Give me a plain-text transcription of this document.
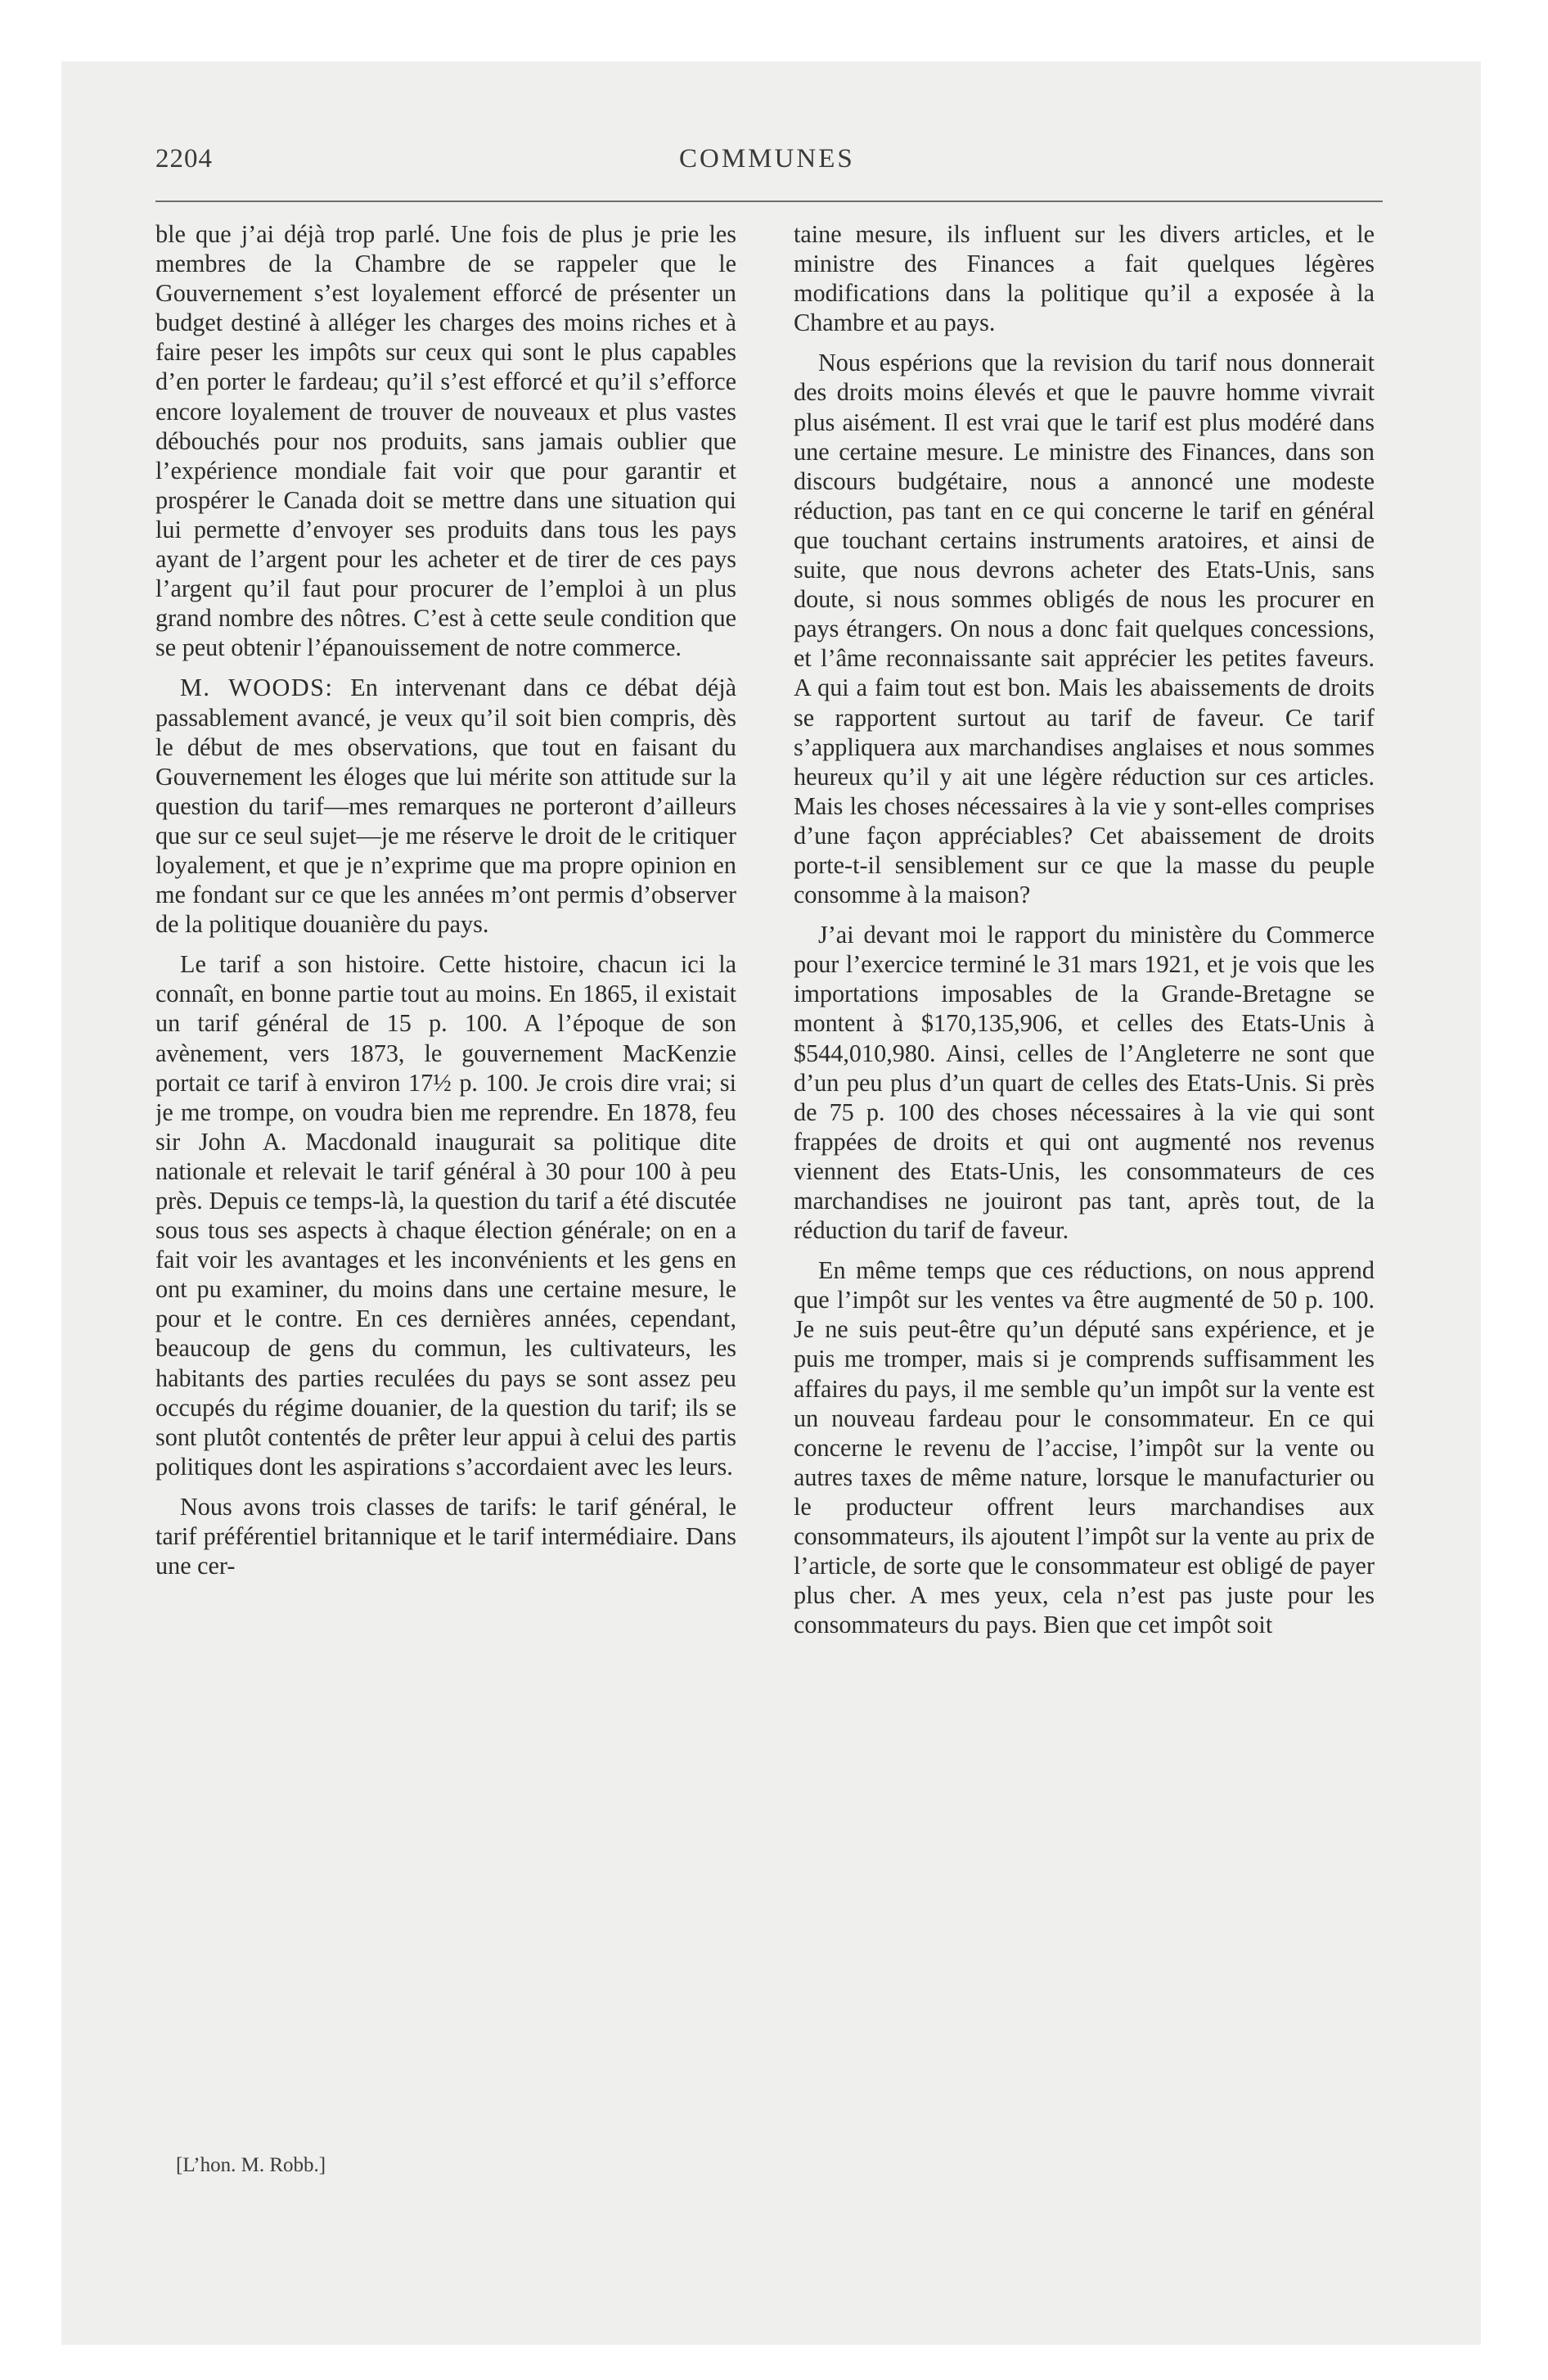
2204	COMMUNES

ble que j’ai déjà trop parlé. Une fois de plus je prie les membres de la Chambre de se rappeler que le Gouvernement s’est loyalement efforcé de présenter un budget destiné à alléger les charges des moins riches et à faire peser les impôts sur ceux qui sont le plus capables d’en porter le fardeau; qu’il s’est efforcé et qu’il s’efforce encore loyalement de trouver de nouveaux et plus vastes débouchés pour nos produits, sans jamais oublier que l’expérience mondiale fait voir que pour garantir et prospérer le Canada doit se mettre dans une situation qui lui permette d’envoyer ses produits dans tous les pays ayant de l’argent pour les acheter et de tirer de ces pays l’argent qu’il faut pour procurer de l’emploi à un plus grand nombre des nôtres. C’est à cette seule condition que se peut obtenir l’épanouissement de notre commerce.

M. WOODS: En intervenant dans ce débat déjà passablement avancé, je veux qu’il soit bien compris, dès le début de mes observations, que tout en faisant du Gouvernement les éloges que lui mérite son attitude sur la question du tarif—mes remarques ne porteront d’ailleurs que sur ce seul sujet—je me réserve le droit de le critiquer loyalement, et que je n’exprime que ma propre opinion en me fondant sur ce que les années m’ont permis d’observer de la politique douanière du pays.

Le tarif a son histoire. Cette histoire, chacun ici la connaît, en bonne partie tout au moins. En 1865, il existait un tarif général de 15 p. 100. A l’époque de son avènement, vers 1873, le gouvernement MacKenzie portait ce tarif à environ 17½ p. 100. Je crois dire vrai; si je me trompe, on voudra bien me reprendre. En 1878, feu sir John A. Macdonald inaugurait sa politique dite nationale et relevait le tarif général à 30 pour 100 à peu près. Depuis ce temps-là, la question du tarif a été discutée sous tous ses aspects à chaque élection générale; on en a fait voir les avantages et les inconvénients et les gens en ont pu examiner, du moins dans une certaine mesure, le pour et le contre. En ces dernières années, cependant, beaucoup de gens du commun, les cultivateurs, les habitants des parties reculées du pays se sont assez peu occupés du régime douanier, de la question du tarif; ils se sont plutôt contentés de prêter leur appui à celui des partis politiques dont les aspirations s’accordaient avec les leurs.

Nous avons trois classes de tarifs: le tarif général, le tarif préférentiel britannique et le tarif intermédiaire. Dans une cer-

taine mesure, ils influent sur les divers articles, et le ministre des Finances a fait quelques légères modifications dans la politique qu’il a exposée à la Chambre et au pays.

Nous espérions que la revision du tarif nous donnerait des droits moins élevés et que le pauvre homme vivrait plus aisément. Il est vrai que le tarif est plus modéré dans une certaine mesure. Le ministre des Finances, dans son discours budgétaire, nous a annoncé une modeste réduction, pas tant en ce qui concerne le tarif en général que touchant certains instruments aratoires, et ainsi de suite, que nous devrons acheter des Etats-Unis, sans doute, si nous sommes obligés de nous les procurer en pays étrangers. On nous a donc fait quelques concessions, et l’âme reconnaissante sait apprécier les petites faveurs. A qui a faim tout est bon. Mais les abaissements de droits se rapportent surtout au tarif de faveur. Ce tarif s’appliquera aux marchandises anglaises et nous sommes heureux qu’il y ait une légère réduction sur ces articles. Mais les choses nécessaires à la vie y sont-elles comprises d’une façon appréciables? Cet abaissement de droits porte-t-il sensiblement sur ce que la masse du peuple consomme à la maison?

J’ai devant moi le rapport du ministère du Commerce pour l’exercice terminé le 31 mars 1921, et je vois que les importations imposables de la Grande-Bretagne se montent à $170,135,906, et celles des Etats-Unis à $544,010,980. Ainsi, celles de l’Angleterre ne sont que d’un peu plus d’un quart de celles des Etats-Unis. Si près de 75 p. 100 des choses nécessaires à la vie qui sont frappées de droits et qui ont augmenté nos revenus viennent des Etats-Unis, les consommateurs de ces marchandises ne jouiront pas tant, après tout, de la réduction du tarif de faveur.

En même temps que ces réductions, on nous apprend que l’impôt sur les ventes va être augmenté de 50 p. 100. Je ne suis peut-être qu’un député sans expérience, et je puis me tromper, mais si je comprends suffisamment les affaires du pays, il me semble qu’un impôt sur la vente est un nouveau fardeau pour le consommateur. En ce qui concerne le revenu de l’accise, l’impôt sur la vente ou autres taxes de même nature, lorsque le manufacturier ou le producteur offrent leurs marchandises aux consommateurs, ils ajoutent l’impôt sur la vente au prix de l’article, de sorte que le consommateur est obligé de payer plus cher. A mes yeux, cela n’est pas juste pour les consommateurs du pays. Bien que cet impôt soit

[L’hon. M. Robb.]
